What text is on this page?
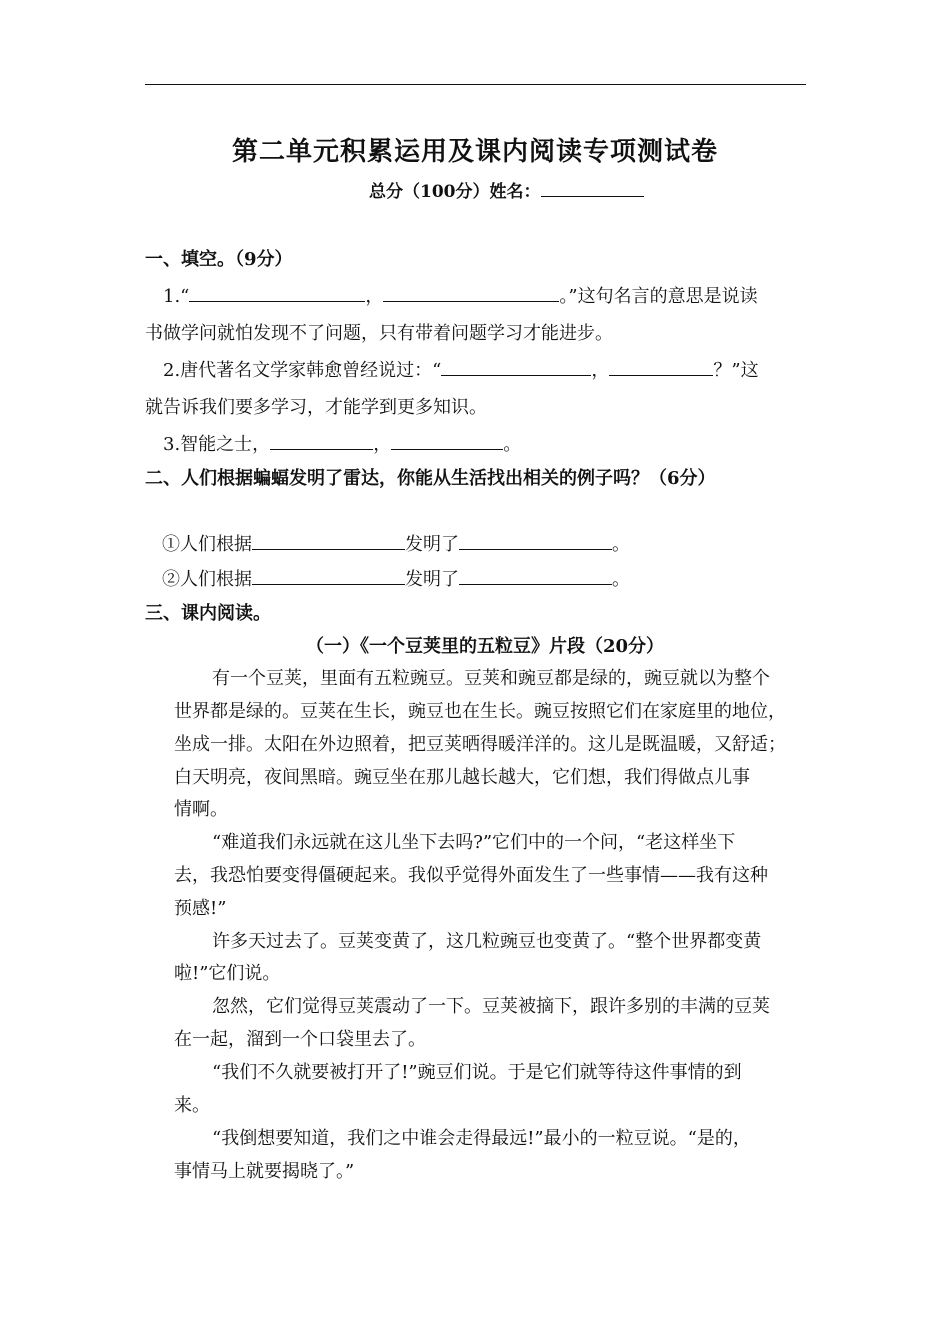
第二单元积累运用及课内阅读专项测试卷
总分（100分）姓名：
一、填空。（9分）
1.“	，	。”这句名言的意思是说读
书做学问就怕发现不了问题，只有带着问题学习才能进步。
2.唐代著名文学家韩愈曾经说过：“	，	？”这
就告诉我们要多学习，才能学到更多知识。
3.智能之士，	，	。
二、人们根据蝙蝠发明了雷达，你能从生活找出相关的例子吗？（6分）
①人们根据	发明了	。
②人们根据	发明了	。
三、课内阅读。
（一）《一个豆荚里的五粒豆》片段（20分）
有一个豆荚，里面有五粒豌豆。豆荚和豌豆都是绿的，豌豆就以为整个
世界都是绿的。豆荚在生长，豌豆也在生长。豌豆按照它们在家庭里的地位，
坐成一排。太阳在外边照着，把豆荚晒得暖洋洋的。这儿是既温暖，又舒适；
白天明亮，夜间黑暗。豌豆坐在那儿越长越大，它们想，我们得做点儿事
情啊。
“难道我们永远就在这儿坐下去吗?”它们中的一个问，“老这样坐下
去，我恐怕要变得僵硬起来。我似乎觉得外面发生了一些事情——我有这种
预感!”
许多天过去了。豆荚变黄了，这几粒豌豆也变黄了。“整个世界都变黄
啦!”它们说。
忽然，它们觉得豆荚震动了一下。豆荚被摘下，跟许多别的丰满的豆荚
在一起，溜到一个口袋里去了。
“我们不久就要被打开了!”豌豆们说。于是它们就等待这件事情的到
来。
“我倒想要知道，我们之中谁会走得最远!”最小的一粒豆说。“是的，
事情马上就要揭晓了。”
